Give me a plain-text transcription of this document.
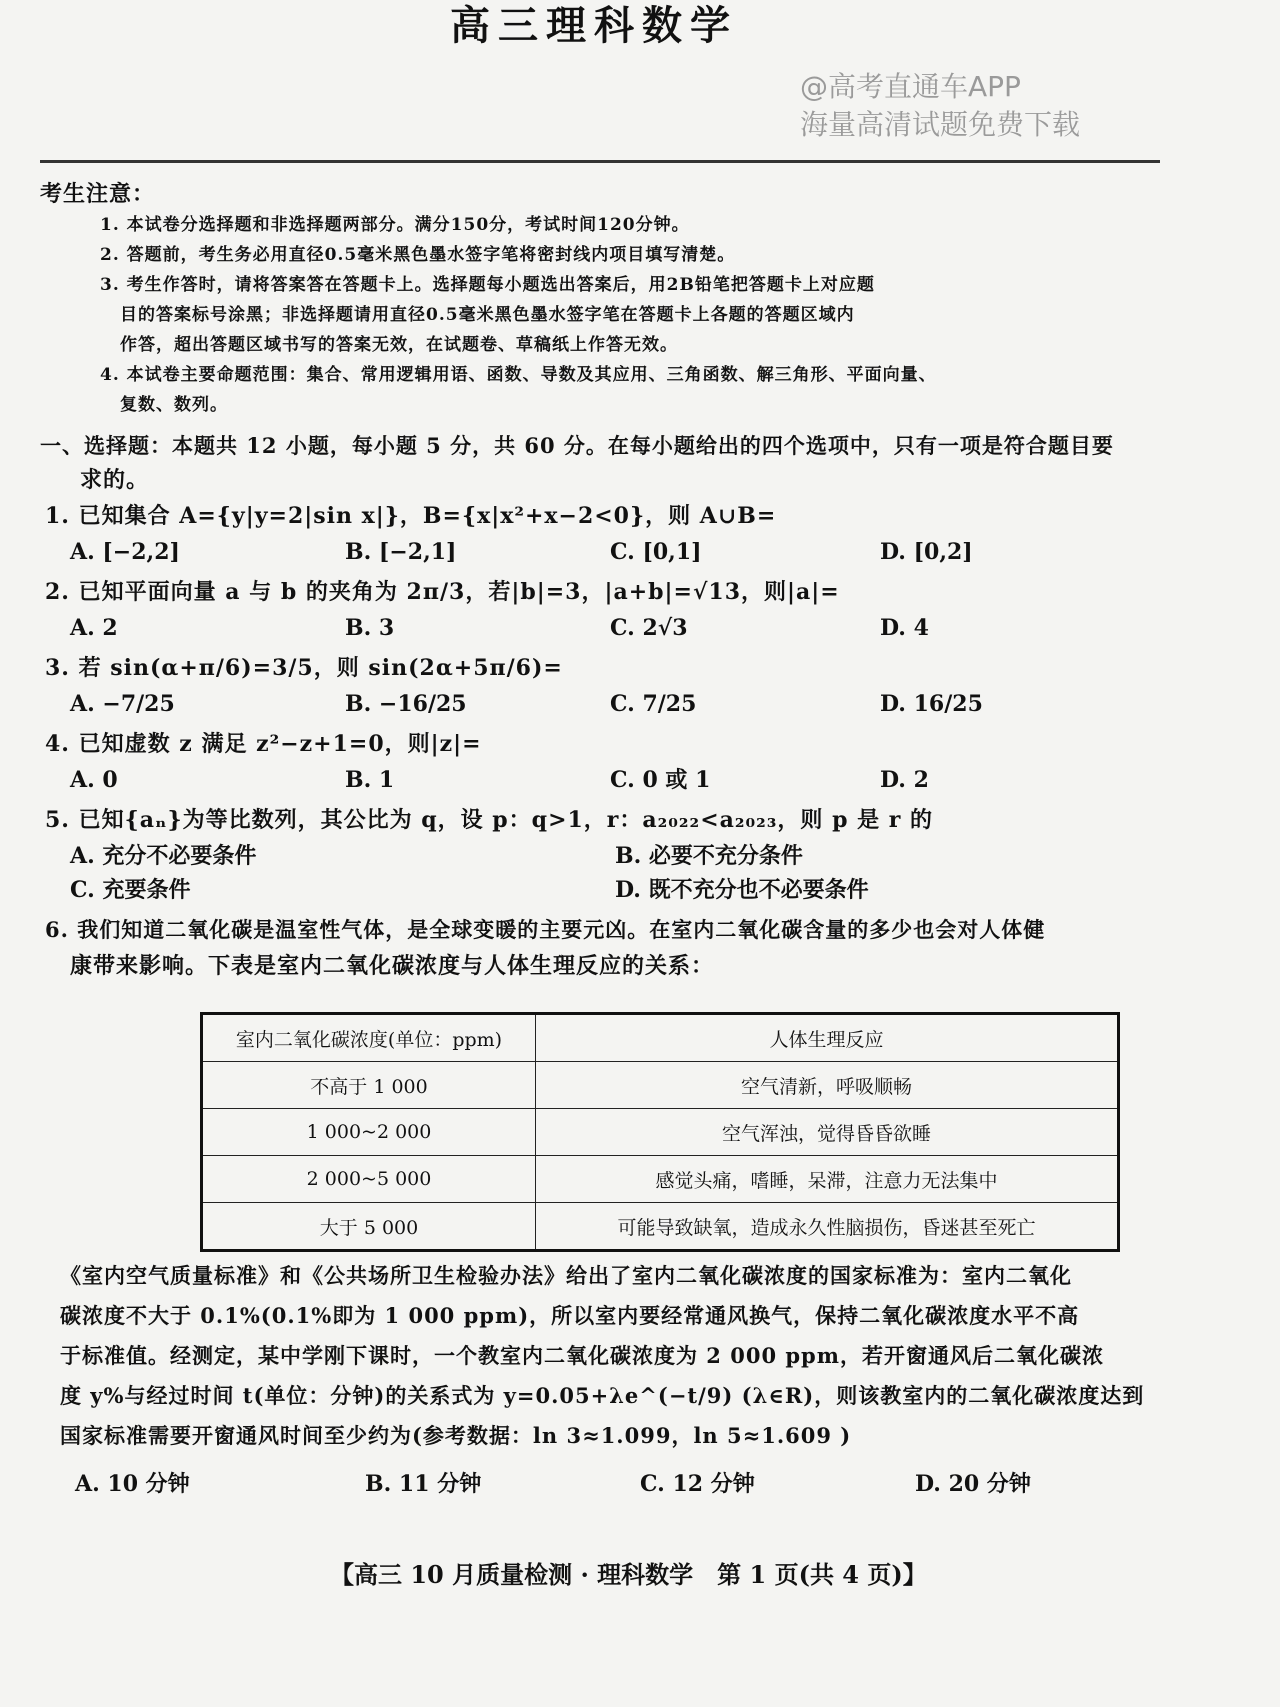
高三理科数学
@高考直通车APP
海量高清试题免费下载
考生注意：
1. 本试卷分选择题和非选择题两部分。满分150分，考试时间120分钟。
2. 答题前，考生务必用直径0.5毫米黑色墨水签字笔将密封线内项目填写清楚。
3. 考生作答时，请将答案答在答题卡上。选择题每小题选出答案后，用2B铅笔把答题卡上对应题
目的答案标号涂黑；非选择题请用直径0.5毫米黑色墨水签字笔在答题卡上各题的答题区域内
作答，超出答题区域书写的答案无效，在试题卷、草稿纸上作答无效。
4. 本试卷主要命题范围：集合、常用逻辑用语、函数、导数及其应用、三角函数、解三角形、平面向量、
复数、数列。
一、选择题：本题共 12 小题，每小题 5 分，共 60 分。在每小题给出的四个选项中，只有一项是符合题目要
求的。
1. 已知集合 A={y|y=2|sin x|}，B={x|x²+x−2<0}，则 A∪B=
A. [−2,2]	B. [−2,1]	C. [0,1]	D. [0,2]
2. 已知平面向量 a 与 b 的夹角为 2π/3，若|b|=3，|a+b|=√13，则|a|=
A. 2	B. 3	C. 2√3	D. 4
3. 若 sin(α+π/6)=3/5，则 sin(2α+5π/6)=
A. −7/25	B. −16/25	C. 7/25	D. 16/25
4. 已知虚数 z 满足 z²−z+1=0，则|z|=
A. 0	B. 1	C. 0 或 1	D. 2
5. 已知{aₙ}为等比数列，其公比为 q，设 p：q>1，r：a₂₀₂₂<a₂₀₂₃，则 p 是 r 的
A. 充分不必要条件	B. 必要不充分条件
C. 充要条件	D. 既不充分也不必要条件
6. 我们知道二氧化碳是温室性气体，是全球变暖的主要元凶。在室内二氧化碳含量的多少也会对人体健
康带来影响。下表是室内二氧化碳浓度与人体生理反应的关系：
室内二氧化碳浓度(单位：ppm)	人体生理反应
不高于 1 000	空气清新，呼吸顺畅
1 000~2 000	空气浑浊，觉得昏昏欲睡
2 000~5 000	感觉头痛，嗜睡，呆滞，注意力无法集中
大于 5 000	可能导致缺氧，造成永久性脑损伤，昏迷甚至死亡
《室内空气质量标准》和《公共场所卫生检验办法》给出了室内二氧化碳浓度的国家标准为：室内二氧化
碳浓度不大于 0.1%(0.1%即为 1 000 ppm)，所以室内要经常通风换气，保持二氧化碳浓度水平不高
于标准值。经测定，某中学刚下课时，一个教室内二氧化碳浓度为 2 000 ppm，若开窗通风后二氧化碳浓
度 y%与经过时间 t(单位：分钟)的关系式为 y=0.05+λe^(−t/9) (λ∈R)，则该教室内的二氧化碳浓度达到
国家标准需要开窗通风时间至少约为(参考数据：ln 3≈1.099，ln 5≈1.609 )
A. 10 分钟	B. 11 分钟	C. 12 分钟	D. 20 分钟
【高三 10 月质量检测 · 理科数学　第 1 页(共 4 页)】
